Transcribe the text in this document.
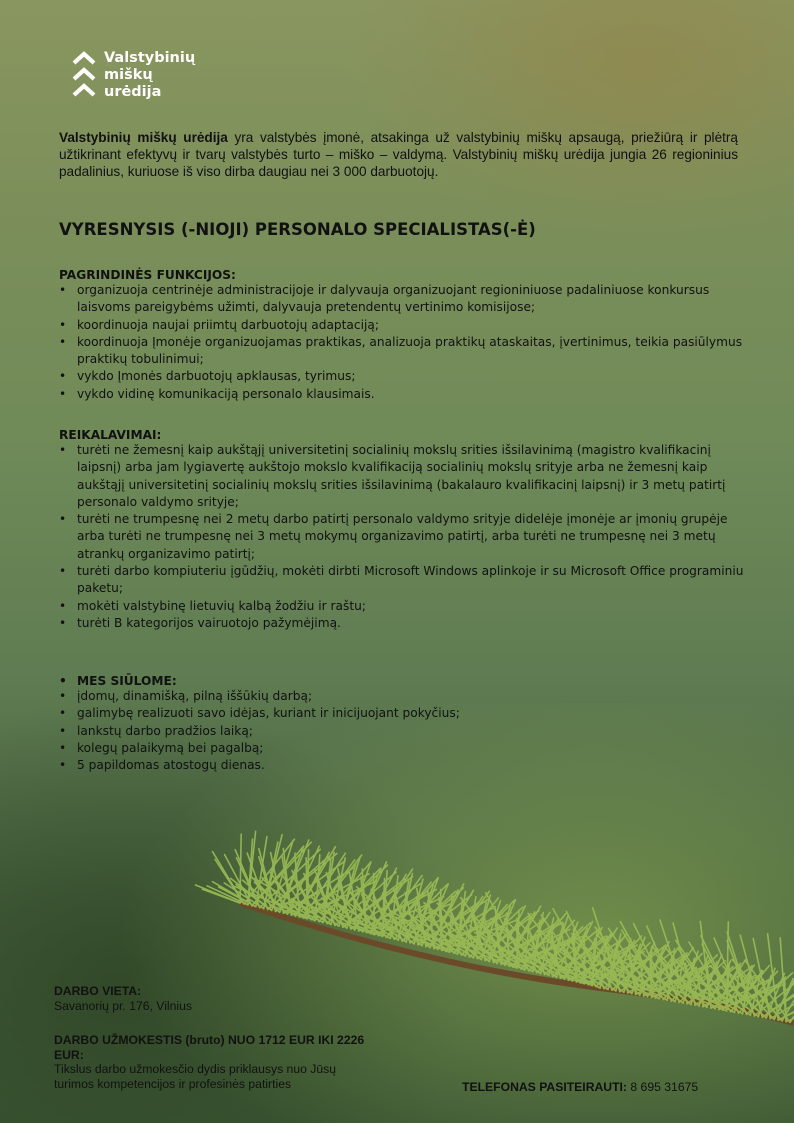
Valstybinių
miškų
urėdija

Valstybinių miškų urėdija yra valstybės įmonė, atsakinga už valstybinių miškų apsaugą, priežiūrą ir plėtrą užtikrinant efektyvų ir tvarų valstybės turto – miško – valdymą. Valstybinių miškų urėdija jungia 26 regioninius padalinius, kuriuose iš viso dirba daugiau nei 3 000 darbuotojų.

VYRESNYSIS (-NIOJI) PERSONALO SPECIALISTAS(-Ė)

PAGRINDINĖS FUNKCIJOS:

• organizuoja centrinėje administracijoje ir dalyvauja organizuojant regioniniuose padaliniuose konkursus laisvoms pareigybėms užimti, dalyvauja pretendentų vertinimo komisijose;
• koordinuoja naujai priimtų darbuotojų adaptaciją;
• koordinuoja Įmonėje organizuojamas praktikas, analizuoja praktikų ataskaitas, įvertinimus, teikia pasiūlymus praktikų tobulinimui;
• vykdo Įmonės darbuotojų apklausas, tyrimus;
• vykdo vidinę komunikaciją personalo klausimais.

REIKALAVIMAI:

• turėti ne žemesnį kaip aukštąjį universitetinį socialinių mokslų srities išsilavinimą (magistro kvalifikacinį laipsnį) arba jam lygiavertę aukštojo mokslo kvalifikaciją socialinių mokslų srityje arba ne žemesnį kaip aukštąjį universitetinį socialinių mokslų srities išsilavinimą (bakalauro kvalifikacinį laipsnį) ir 3 metų patirtį personalo valdymo srityje;
• turėti ne trumpesnę nei 2 metų darbo patirtį personalo valdymo srityje didelėje įmonėje ar įmonių grupėje arba turėti ne trumpesnę nei 3 metų mokymų organizavimo patirtį, arba turėti ne trumpesnę nei 3 metų atrankų organizavimo patirtį;
• turėti darbo kompiuteriu įgūdžių, mokėti dirbti Microsoft Windows aplinkoje ir su Microsoft Office programiniu paketu;
• mokėti valstybinę lietuvių kalbą žodžiu ir raštu;
• turėti B kategorijos vairuotojo pažymėjimą.
• MES SIŪLOME:
• įdomų, dinamišką, pilną iššūkių darbą;
• galimybę realizuoti savo idėjas, kuriant ir inicijuojant pokyčius;
• lankstų darbo pradžios laiką;
• kolegų palaikymą bei pagalbą;
• 5 papildomas atostogų dienas.
DARBO VIETA:
Savanorių pr. 176, Vilnius
DARBO UŽMOKESTIS (bruto) NUO 1712 EUR IKI 2226 EUR:
Tikslus darbo užmokesčio dydis priklausys nuo Jūsų turimos kompetencijos ir profesinės patirties	TELEFONAS PASITEIRAUTI: 8 695 31675
